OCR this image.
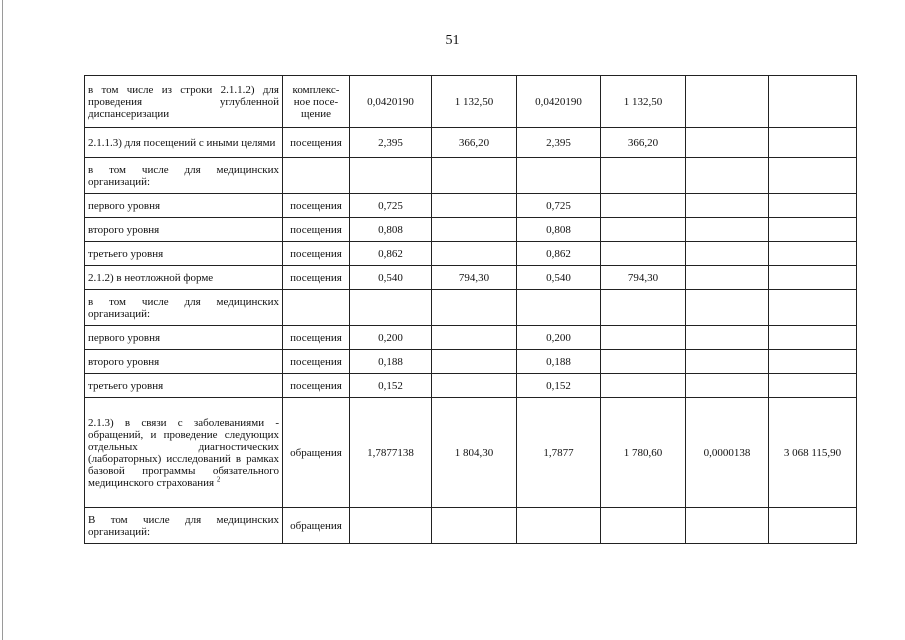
51
в том числе из строки 2.1.1.2) для проведения углубленной диспансеризации	комплекс-ное посе-щение	0,0420190	1 132,50	0,0420190	1 132,50		
2.1.1.3) для посещений с иными целями	посещения	2,395	366,20	2,395	366,20		
в том числе для медицинских организаций:							
первого уровня	посещения	0,725		0,725			
второго уровня	посещения	0,808		0,808			
третьего уровня	посещения	0,862		0,862			
2.1.2) в неотложной форме	посещения	0,540	794,30	0,540	794,30		
в том числе для медицинских организаций:							
первого уровня	посещения	0,200		0,200			
второго уровня	посещения	0,188		0,188			
третьего уровня	посещения	0,152		0,152			
2.1.3) в связи с заболеваниями - обращений, и проведение следующих отдельных диагностических (лабораторных) исследований в рамках базовой программы обязательного медицинского страхования $^2$	обращения	1,7877138	1 804,30	1,7877	1 780,60	0,0000138	3 068 115,90
В том числе для медицинских организаций:	обращения						
